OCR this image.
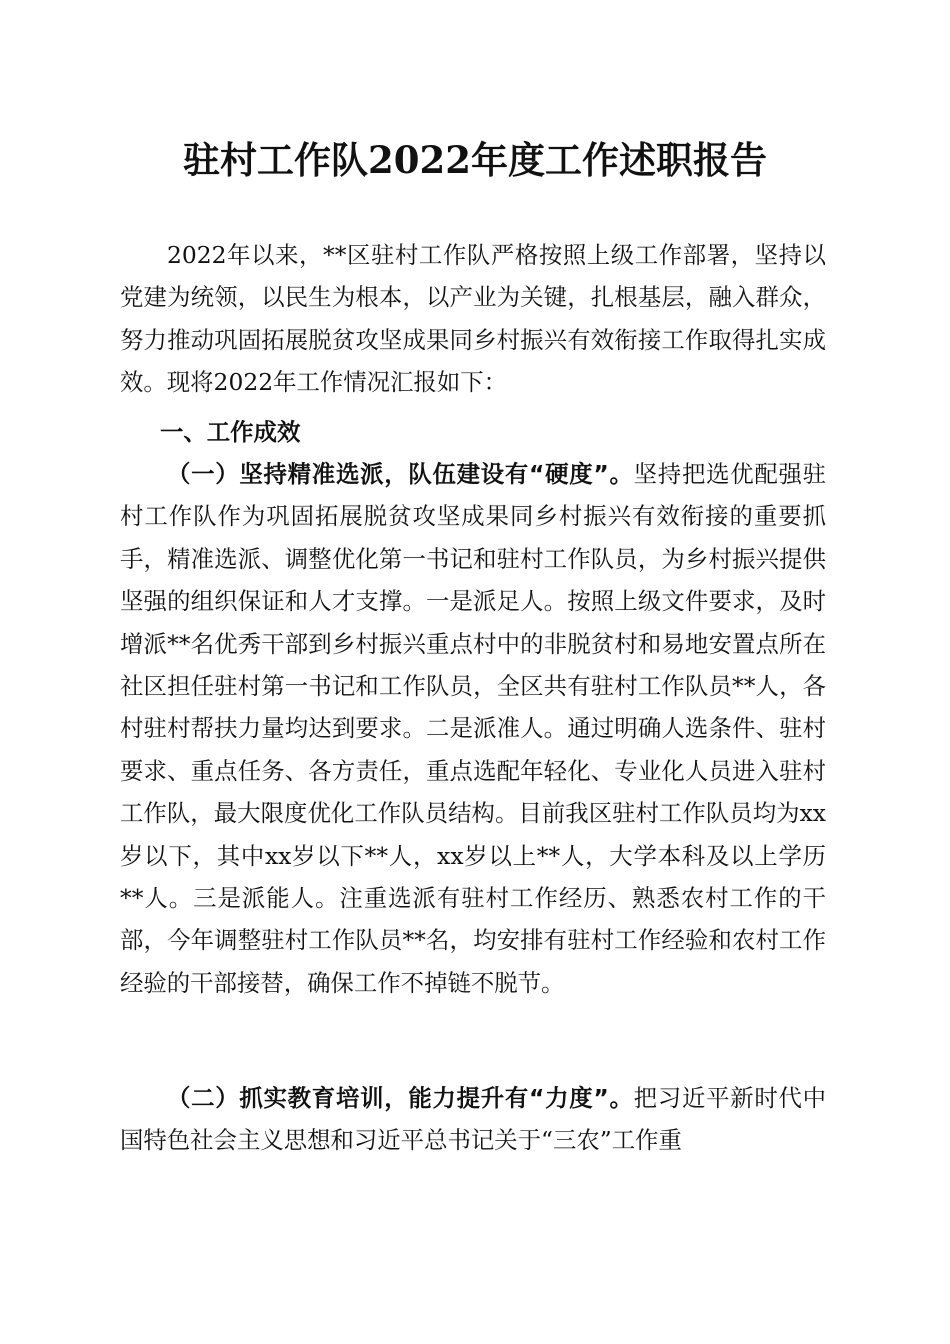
驻村工作队2022年度工作述职报告

2022年以来，**区驻村工作队严格按照上级工作部署，坚持以党建为统领，以民生为根本，以产业为关键，扎根基层，融入群众，努力推动巩固拓展脱贫攻坚成果同乡村振兴有效衔接工作取得扎实成效。现将2022年工作情况汇报如下：

一、工作成效

（一）坚持精准选派，队伍建设有“硬度”。坚持把选优配强驻村工作队作为巩固拓展脱贫攻坚成果同乡村振兴有效衔接的重要抓手，精准选派、调整优化第一书记和驻村工作队员，为乡村振兴提供坚强的组织保证和人才支撑。一是派足人。按照上级文件要求，及时增派**名优秀干部到乡村振兴重点村中的非脱贫村和易地安置点所在社区担任驻村第一书记和工作队员，全区共有驻村工作队员**人，各村驻村帮扶力量均达到要求。二是派准人。通过明确人选条件、驻村要求、重点任务、各方责任，重点选配年轻化、专业化人员进入驻村工作队，最大限度优化工作队员结构。目前我区驻村工作队员均为xx岁以下，其中xx岁以下**人，xx岁以上**人，大学本科及以上学历**人。三是派能人。注重选派有驻村工作经历、熟悉农村工作的干部，今年调整驻村工作队员**名，均安排有驻村工作经验和农村工作经验的干部接替，确保工作不掉链不脱节。

（二）抓实教育培训，能力提升有“力度”。把习近平新时代中国特色社会主义思想和习近平总书记关于“三农”工作重
